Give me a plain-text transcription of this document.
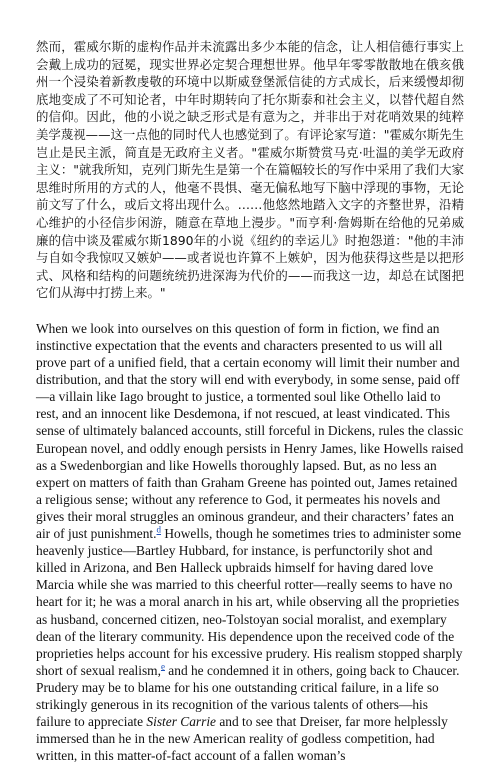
然而，霍威尔斯的虚构作品并未流露出多少本能的信念，让人相信德行事实上会戴上成功的冠冕，现实世界必定契合理想世界。他早年零零散散地在俄亥俄州一个浸染着新教虔敬的环境中以斯威登堡派信徒的方式成长，后来缓慢却彻底地变成了不可知论者，中年时期转向了托尔斯泰和社会主义，以替代超自然的信仰。因此，他的小说之缺乏形式是有意为之，并非出于对花哨效果的纯粹美学蔑视——这一点他的同时代人也感觉到了。有评论家写道："霍威尔斯先生岂止是民主派，简直是无政府主义者。"霍威尔斯赞赏马克·吐温的美学无政府主义："就我所知，克列门斯先生是第一个在篇幅较长的写作中采用了我们大家思维时所用的方式的人，他毫不畏惧、毫无偏私地写下脑中浮现的事物，无论前文写了什么，或后文将出现什么。……他悠然地踏入文字的齐整世界，沿精心维护的小径信步闲游，随意在草地上漫步。"而亨利·詹姆斯在给他的兄弟威廉的信中谈及霍威尔斯1890年的小说《纽约的幸运儿》时抱怨道："他的丰沛与自如令我惊叹又嫉妒——或者说也许算不上嫉妒，因为他获得这些是以把形式、风格和结构的问题统统扔进深海为代价的——而我这一边，却总在试图把它们从海中打捞上来。"

When we look into ourselves on this question of form in fiction, we find an instinctive expectation that the events and characters presented to us will all prove part of a unified field, that a certain economy will limit their number and distribution, and that the story will end with everybody, in some sense, paid off—a villain like Iago brought to justice, a tormented soul like Othello laid to rest, and an innocent like Desdemona, if not rescued, at least vindicated. This sense of ultimately balanced accounts, still forceful in Dickens, rules the classic European novel, and oddly enough persists in Henry James, like Howells raised as a Swedenborgian and like Howells thoroughly lapsed. But, as no less an expert on matters of faith than Graham Greene has pointed out, James retained a religious sense; without any reference to God, it permeates his novels and gives their moral struggles an ominous grandeur, and their characters’ fates an air of just punishment.$^d$ Howells, though he sometimes tries to administer some heavenly justice—Bartley Hubbard, for instance, is perfunctorily shot and killed in Arizona, and Ben Halleck upbraids himself for having dared love Marcia while she was married to this cheerful rotter—really seems to have no heart for it; he was a moral anarch in his art, while observing all the proprieties as husband, concerned citizen, neo-Tolstoyan social moralist, and exemplary dean of the literary community. His dependence upon the received code of the proprieties helps account for his excessive prudery. His realism stopped sharply short of sexual realism,$^e$ and he condemned it in others, going back to Chaucer. Prudery may be to blame for his one outstanding critical failure, in a life so strikingly generous in its recognition of the various talents of others—his failure to appreciate Sister Carrie and to see that Dreiser, far more helplessly immersed than he in the new American reality of godless competition, had written, in this matter-of-fact account of a fallen woman’s
